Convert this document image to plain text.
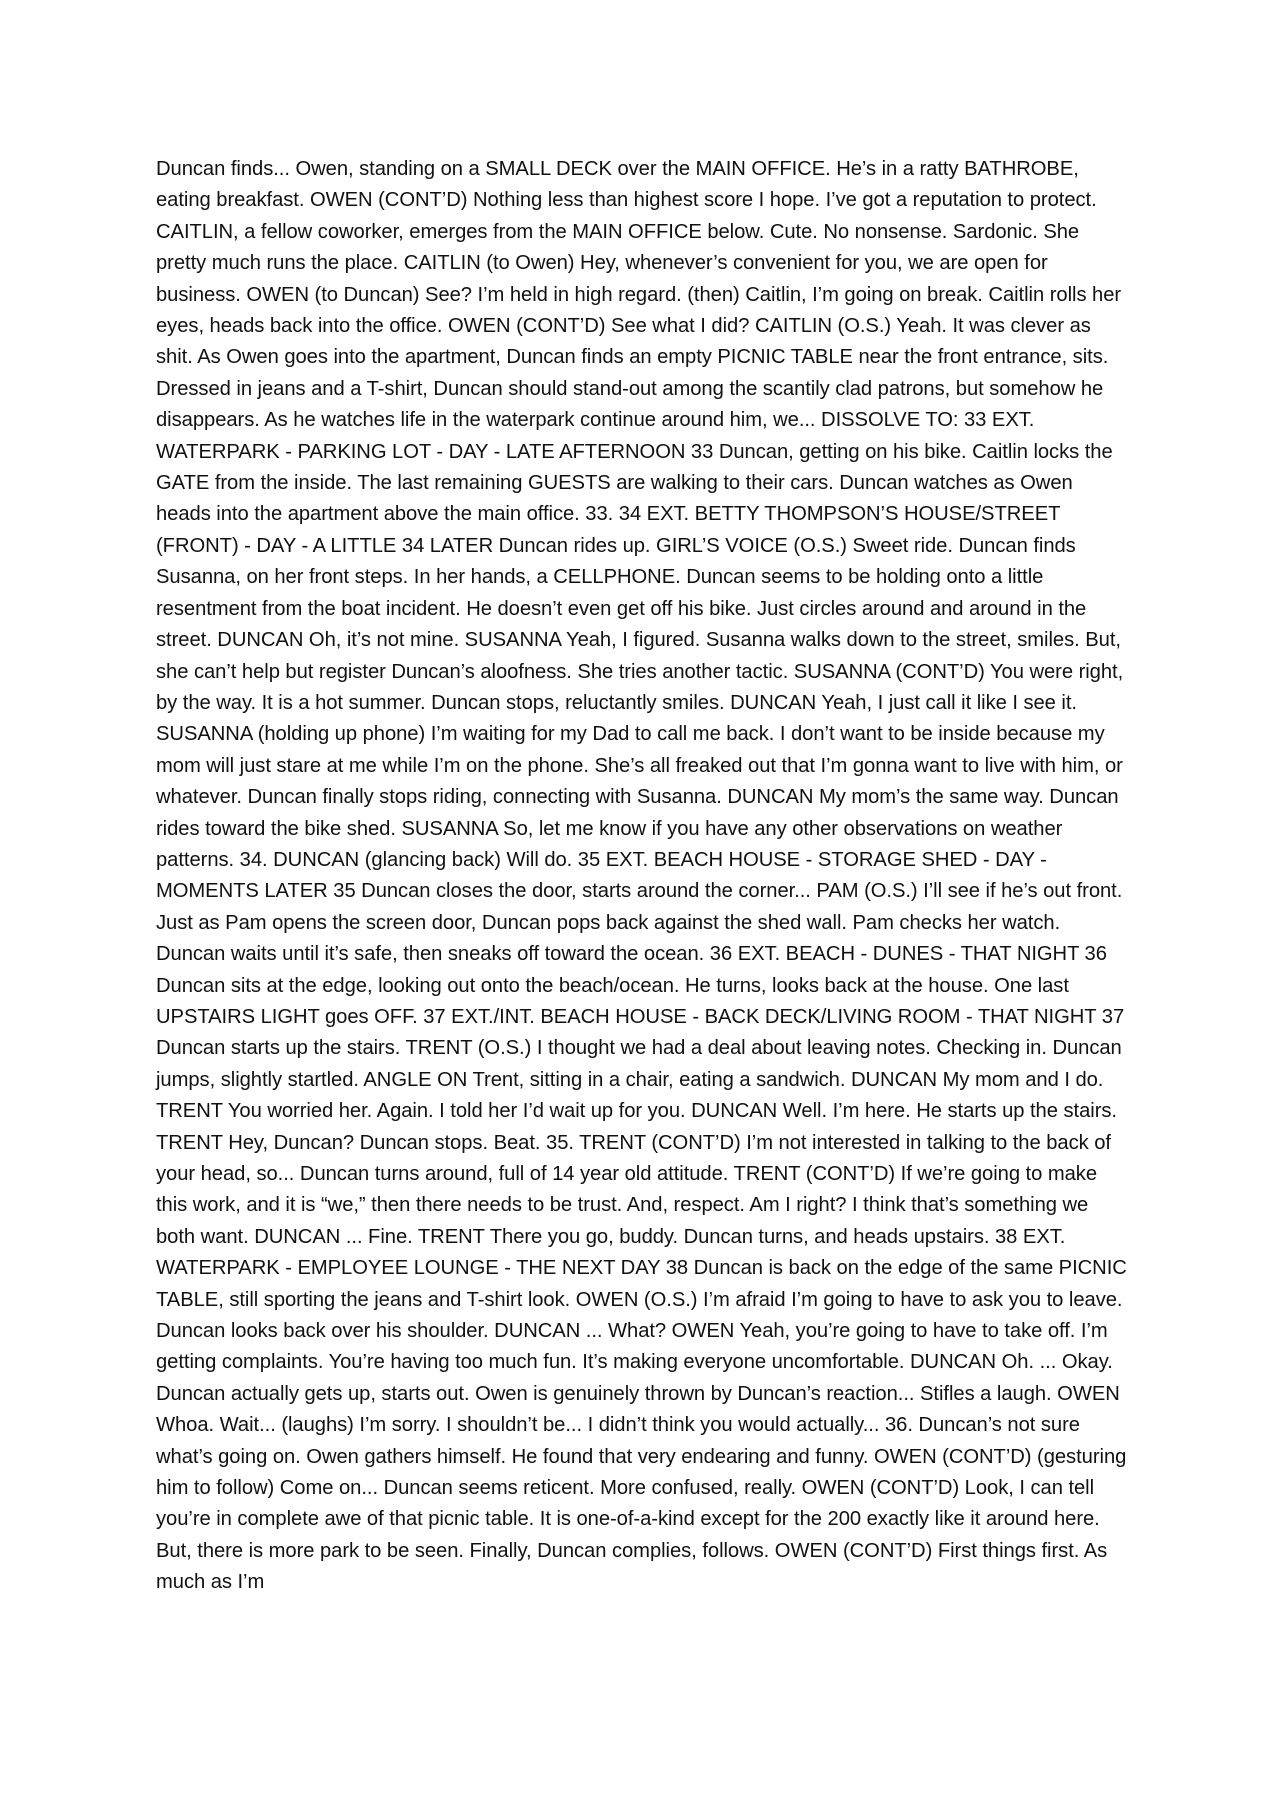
Duncan finds... Owen, standing on a SMALL DECK over the MAIN OFFICE. He’s in a ratty BATHROBE, eating breakfast. OWEN (CONT’D) Nothing less than highest score I hope. I’ve got a reputation to protect. CAITLIN, a fellow coworker, emerges from the MAIN OFFICE below. Cute. No nonsense. Sardonic. She pretty much runs the place. CAITLIN (to Owen) Hey, whenever’s convenient for you, we are open for business. OWEN (to Duncan) See? I’m held in high regard. (then) Caitlin, I’m going on break. Caitlin rolls her eyes, heads back into the office. OWEN (CONT’D) See what I did? CAITLIN (O.S.) Yeah. It was clever as shit. As Owen goes into the apartment, Duncan finds an empty PICNIC TABLE near the front entrance, sits. Dressed in jeans and a T-shirt, Duncan should stand-out among the scantily clad patrons, but somehow he disappears. As he watches life in the waterpark continue around him, we... DISSOLVE TO: 33 EXT. WATERPARK - PARKING LOT - DAY - LATE AFTERNOON 33 Duncan, getting on his bike. Caitlin locks the GATE from the inside. The last remaining GUESTS are walking to their cars. Duncan watches as Owen heads into the apartment above the main office. 33. 34 EXT. BETTY THOMPSON’S HOUSE/STREET (FRONT) - DAY - A LITTLE 34 LATER Duncan rides up. GIRL’S VOICE (O.S.) Sweet ride. Duncan finds Susanna, on her front steps. In her hands, a CELLPHONE. Duncan seems to be holding onto a little resentment from the boat incident. He doesn’t even get off his bike. Just circles around and around in the street. DUNCAN Oh, it’s not mine. SUSANNA Yeah, I figured. Susanna walks down to the street, smiles. But, she can’t help but register Duncan’s aloofness. She tries another tactic. SUSANNA (CONT’D) You were right, by the way. It is a hot summer. Duncan stops, reluctantly smiles. DUNCAN Yeah, I just call it like I see it. SUSANNA (holding up phone) I’m waiting for my Dad to call me back. I don’t want to be inside because my mom will just stare at me while I’m on the phone. She’s all freaked out that I’m gonna want to live with him, or whatever. Duncan finally stops riding, connecting with Susanna. DUNCAN My mom’s the same way. Duncan rides toward the bike shed. SUSANNA So, let me know if you have any other observations on weather patterns. 34. DUNCAN (glancing back) Will do. 35 EXT. BEACH HOUSE - STORAGE SHED - DAY - MOMENTS LATER 35 Duncan closes the door, starts around the corner... PAM (O.S.) I’ll see if he’s out front. Just as Pam opens the screen door, Duncan pops back against the shed wall. Pam checks her watch. Duncan waits until it’s safe, then sneaks off toward the ocean. 36 EXT. BEACH - DUNES - THAT NIGHT 36 Duncan sits at the edge, looking out onto the beach/ocean. He turns, looks back at the house. One last UPSTAIRS LIGHT goes OFF. 37 EXT./INT. BEACH HOUSE - BACK DECK/LIVING ROOM - THAT NIGHT 37 Duncan starts up the stairs. TRENT (O.S.) I thought we had a deal about leaving notes. Checking in. Duncan jumps, slightly startled. ANGLE ON Trent, sitting in a chair, eating a sandwich. DUNCAN My mom and I do. TRENT You worried her. Again. I told her I’d wait up for you. DUNCAN Well. I’m here. He starts up the stairs. TRENT Hey, Duncan? Duncan stops. Beat. 35. TRENT (CONT’D) I’m not interested in talking to the back of your head, so... Duncan turns around, full of 14 year old attitude. TRENT (CONT’D) If we’re going to make this work, and it is “we,” then there needs to be trust. And, respect. Am I right? I think that’s something we both want. DUNCAN ... Fine. TRENT There you go, buddy. Duncan turns, and heads upstairs. 38 EXT. WATERPARK - EMPLOYEE LOUNGE - THE NEXT DAY 38 Duncan is back on the edge of the same PICNIC TABLE, still sporting the jeans and T-shirt look. OWEN (O.S.) I’m afraid I’m going to have to ask you to leave. Duncan looks back over his shoulder. DUNCAN ... What? OWEN Yeah, you’re going to have to take off. I’m getting complaints. You’re having too much fun. It’s making everyone uncomfortable. DUNCAN Oh. ... Okay. Duncan actually gets up, starts out. Owen is genuinely thrown by Duncan’s reaction... Stifles a laugh. OWEN Whoa. Wait... (laughs) I’m sorry. I shouldn’t be... I didn’t think you would actually... 36. Duncan’s not sure what’s going on. Owen gathers himself. He found that very endearing and funny. OWEN (CONT’D) (gesturing him to follow) Come on... Duncan seems reticent. More confused, really. OWEN (CONT’D) Look, I can tell you’re in complete awe of that picnic table. It is one-of-a-kind except for the 200 exactly like it around here. But, there is more park to be seen. Finally, Duncan complies, follows. OWEN (CONT’D) First things first. As much as I’m
